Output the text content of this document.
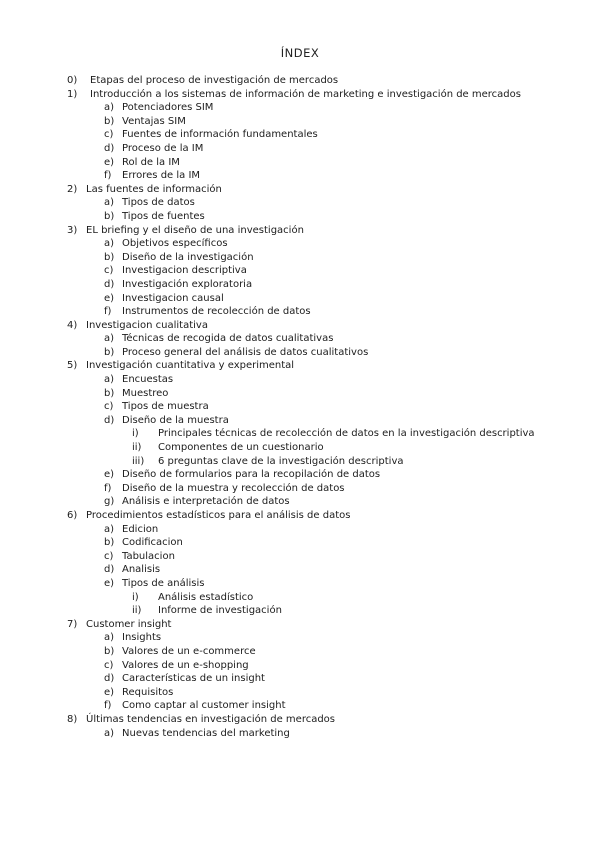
ÍNDEX
0) Etapas del proceso de investigación de mercados
1) Introducción a los sistemas de información de marketing e investigación de mercados
a) Potenciadores SIM
b) Ventajas SIM
c) Fuentes de información fundamentales
d) Proceso de la IM
e) Rol de la IM
f) Errores de la IM
2) Las fuentes de información
a) Tipos de datos
b) Tipos de fuentes
3) EL briefing y el diseño de una investigación
a) Objetivos específicos
b) Diseño de la investigación
c) Investigacion descriptiva
d) Investigación exploratoria
e) Investigacion causal
f) Instrumentos de recolección de datos
4) Investigacion cualitativa
a) Técnicas de recogida de datos cualitativas
b) Proceso general del análisis de datos cualitativos
5) Investigación cuantitativa y experimental
a) Encuestas
b) Muestreo
c) Tipos de muestra
d) Diseño de la muestra
i) Principales técnicas de recolección de datos en la investigación descriptiva
ii) Componentes de un cuestionario
iii) 6 preguntas clave de la investigación descriptiva
e) Diseño de formularios para la recopilación de datos
f) Diseño de la muestra y recolección de datos
g) Análisis e interpretación de datos
6) Procedimientos estadísticos para el análisis de datos
a) Edicion
b) Codificacion
c) Tabulacion
d) Analisis
e) Tipos de análisis
i) Análisis estadístico
ii) Informe de investigación
7) Customer insight
a) Insights
b) Valores de un e-commerce
c) Valores de un e-shopping
d) Características de un insight
e) Requisitos
f) Como captar al customer insight
8) Últimas tendencias en investigación de mercados
a) Nuevas tendencias del marketing
